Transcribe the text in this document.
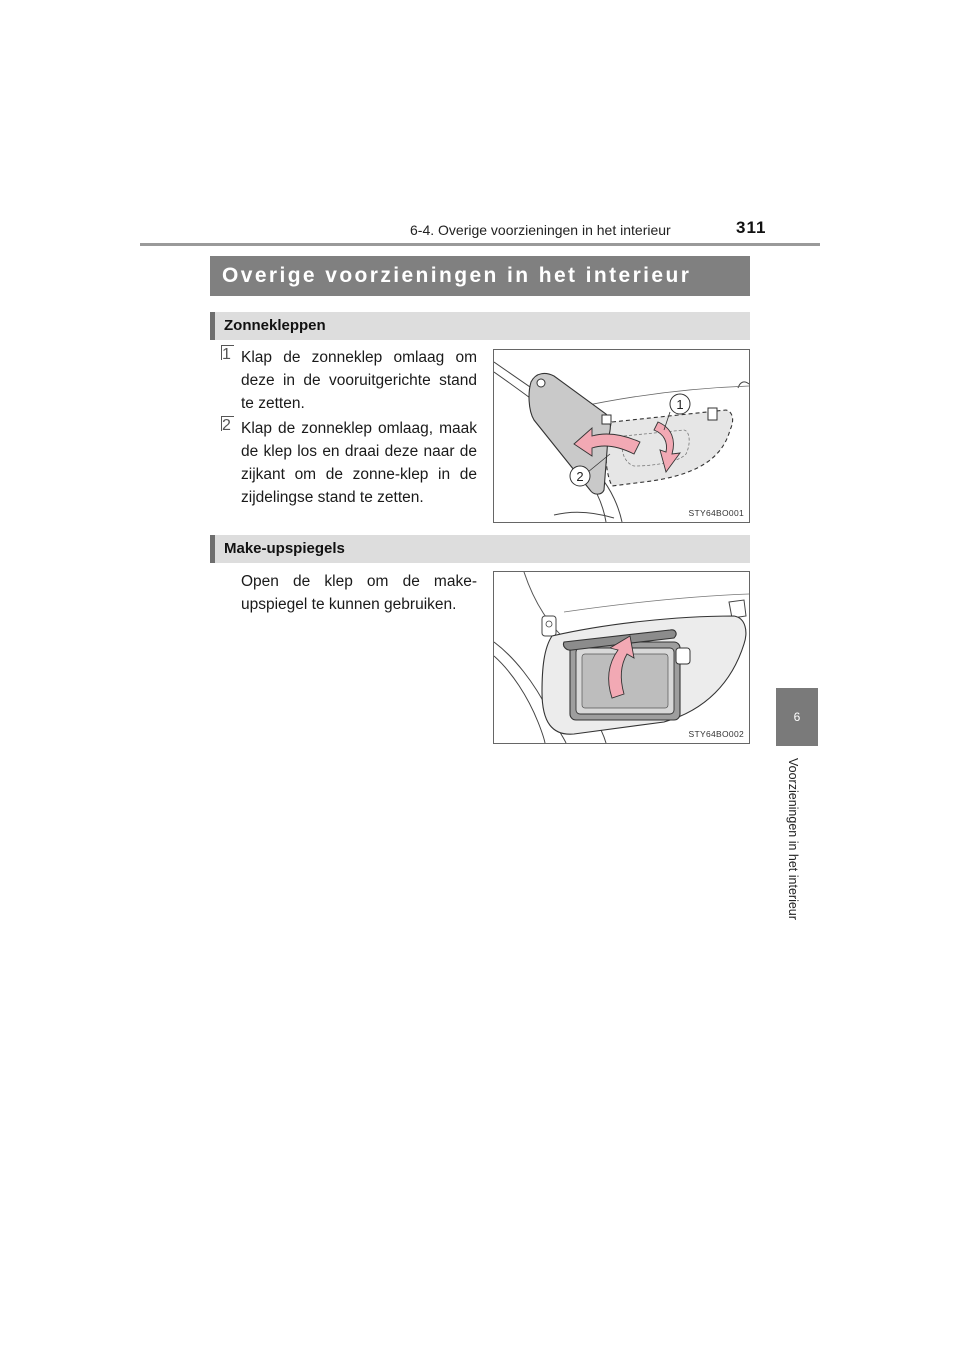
6-4. Overige voorzieningen in het interieur	311
6
Voorzieningen in het interieur
Overige voorzieningen in het interieur
Zonnekleppen
1 Klap de zonneklep omlaag om deze in de vooruitgerichte stand te zetten.
2 Klap de zonneklep omlaag, maak de klep los en draai deze naar de zijkant om de zonne-klep in de zijdelingse stand te zetten.
1
2
STY64BO001
Make-upspiegels
Open de klep om de make-upspiegel te kunnen gebruiken.
STY64BO002
